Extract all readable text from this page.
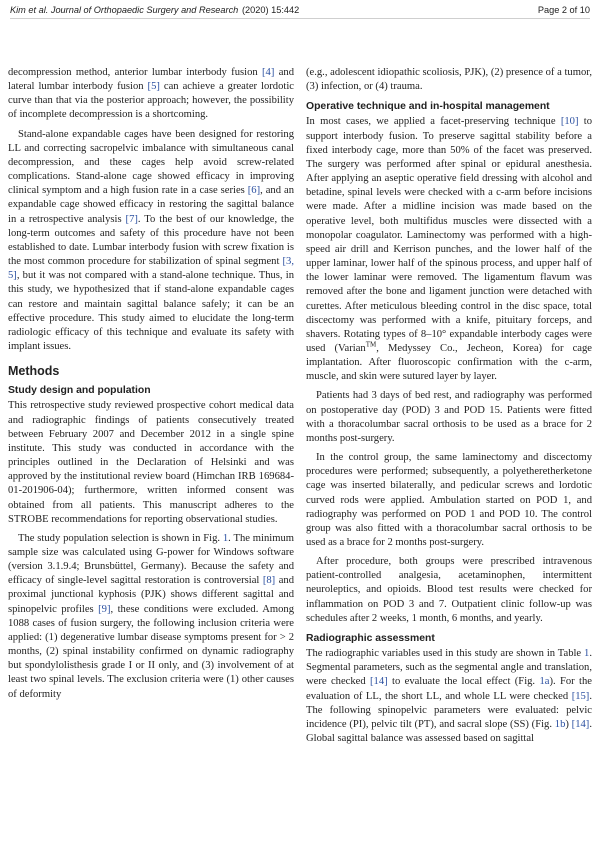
Kim et al. Journal of Orthopaedic Surgery and Research (2020) 15:442	Page 2 of 10

decompression method, anterior lumbar interbody fusion [4] and lateral lumbar interbody fusion [5] can achieve a greater lordotic curve than that via the posterior approach; however, the possibility of incomplete decompression is a shortcoming.

Stand-alone expandable cages have been designed for restoring LL and correcting sacropelvic imbalance with simultaneous canal decompression, and these cages help avoid screw-related complications. Stand-alone cage showed efficacy in improving clinical symptom and a high fusion rate in a case series [6], and an expandable cage showed efficacy in restoring the sagittal balance in a retrospective analysis [7]. To the best of our knowledge, the long-term outcomes and safety of this procedure have not been established to date. Lumbar interbody fusion with screw fixation is the most common procedure for stabilization of spinal segment [3, 5], but it was not compared with a stand-alone technique. Thus, in this study, we hypothesized that if stand-alone expandable cages can restore and maintain sagittal balance safely; it can be an effective procedure. This study aimed to elucidate the long-term radiologic efficacy of this technique and evaluate its safety with implant issues.

Methods
Study design and population

This retrospective study reviewed prospective cohort medical data and radiographic findings of patients consecutively treated between February 2007 and December 2012 in a single spine institute. This study was conducted in accordance with the principles outlined in the Declaration of Helsinki and was approved by the institutional review board (Himchan IRB 169684-01-201906-04); furthermore, written informed consent was obtained from all patients. This manuscript adheres to the STROBE recommendations for reporting observational studies.

The study population selection is shown in Fig. 1. The minimum sample size was calculated using G-power for Windows software (version 3.1.9.4; Brunsbüttel, Germany). Because the safety and efficacy of single-level sagittal restoration is controversial [8] and proximal junctional kyphosis (PJK) shows different sagittal and spinopelvic profiles [9], these conditions were excluded. Among 1088 cases of fusion surgery, the following inclusion criteria were applied: (1) degenerative lumbar disease symptoms present for > 2 months, (2) spinal instability confirmed on dynamic radiography but spondylolisthesis grade I or II only, and (3) involvement of at least two spinal levels. The exclusion criteria were (1) other causes of deformity

(e.g., adolescent idiopathic scoliosis, PJK), (2) presence of a tumor, (3) infection, or (4) trauma.

Operative technique and in-hospital management

In most cases, we applied a facet-preserving technique [10] to support interbody fusion. To preserve sagittal stability before a fixed interbody cage, more than 50% of the facet was preserved. The surgery was performed after spinal or epidural anesthesia. After applying an aseptic operative field dressing with alcohol and betadine, spinal levels were checked with a c-arm before incisions were made. After a midline incision was made based on the operative level, both multifidus muscles were dissected with a monopolar coagulator. Laminectomy was performed with a high-speed air drill and Kerrison punches, and the lower half of the upper laminar, lower half of the spinous process, and upper half of the lower laminar were removed. The ligamentum flavum was removed after the bone and ligament junction were detached with curettes. After meticulous bleeding control in the disc space, total discectomy was performed with a knife, pituitary forceps, and shavers. Rotating types of 8–10° expandable interbody cages were used (Varian™, Medyssey Co., Jecheon, Korea) for cage implantation. After fluoroscopic confirmation with the c-arm, muscle, and skin were sutured layer by layer.

Patients had 3 days of bed rest, and radiography was performed on postoperative day (POD) 3 and POD 15. Patients were fitted with a thoracolumbar sacral orthosis to be used as a brace for 2 months post-surgery.

In the control group, the same laminectomy and discectomy procedures were performed; subsequently, a polyetheretherketone cage was inserted bilaterally, and pedicular screws and lordotic curved rods were applied. Ambulation started on POD 1, and radiography was performed on POD 1 and POD 10. The control group was also fitted with a thoracolumbar sacral orthosis to be used as a brace for 2 months post-surgery.

After procedure, both groups were prescribed intravenous patient-controlled analgesia, acetaminophen, intermittent neuroleptics, and opioids. Blood test results were checked for inflammation on POD 3 and 7. Outpatient clinic follow-up was schedules after 2 weeks, 1 month, 6 months, and yearly.

Radiographic assessment

The radiographic variables used in this study are shown in Table 1. Segmental parameters, such as the segmental angle and translation, were checked [14] to evaluate the local effect (Fig. 1a). For the evaluation of LL, the short LL, and whole LL were checked [15]. The following spinopelvic parameters were evaluated: pelvic incidence (PI), pelvic tilt (PT), and sacral slope (SS) (Fig. 1b) [14]. Global sagittal balance was assessed based on sagittal
